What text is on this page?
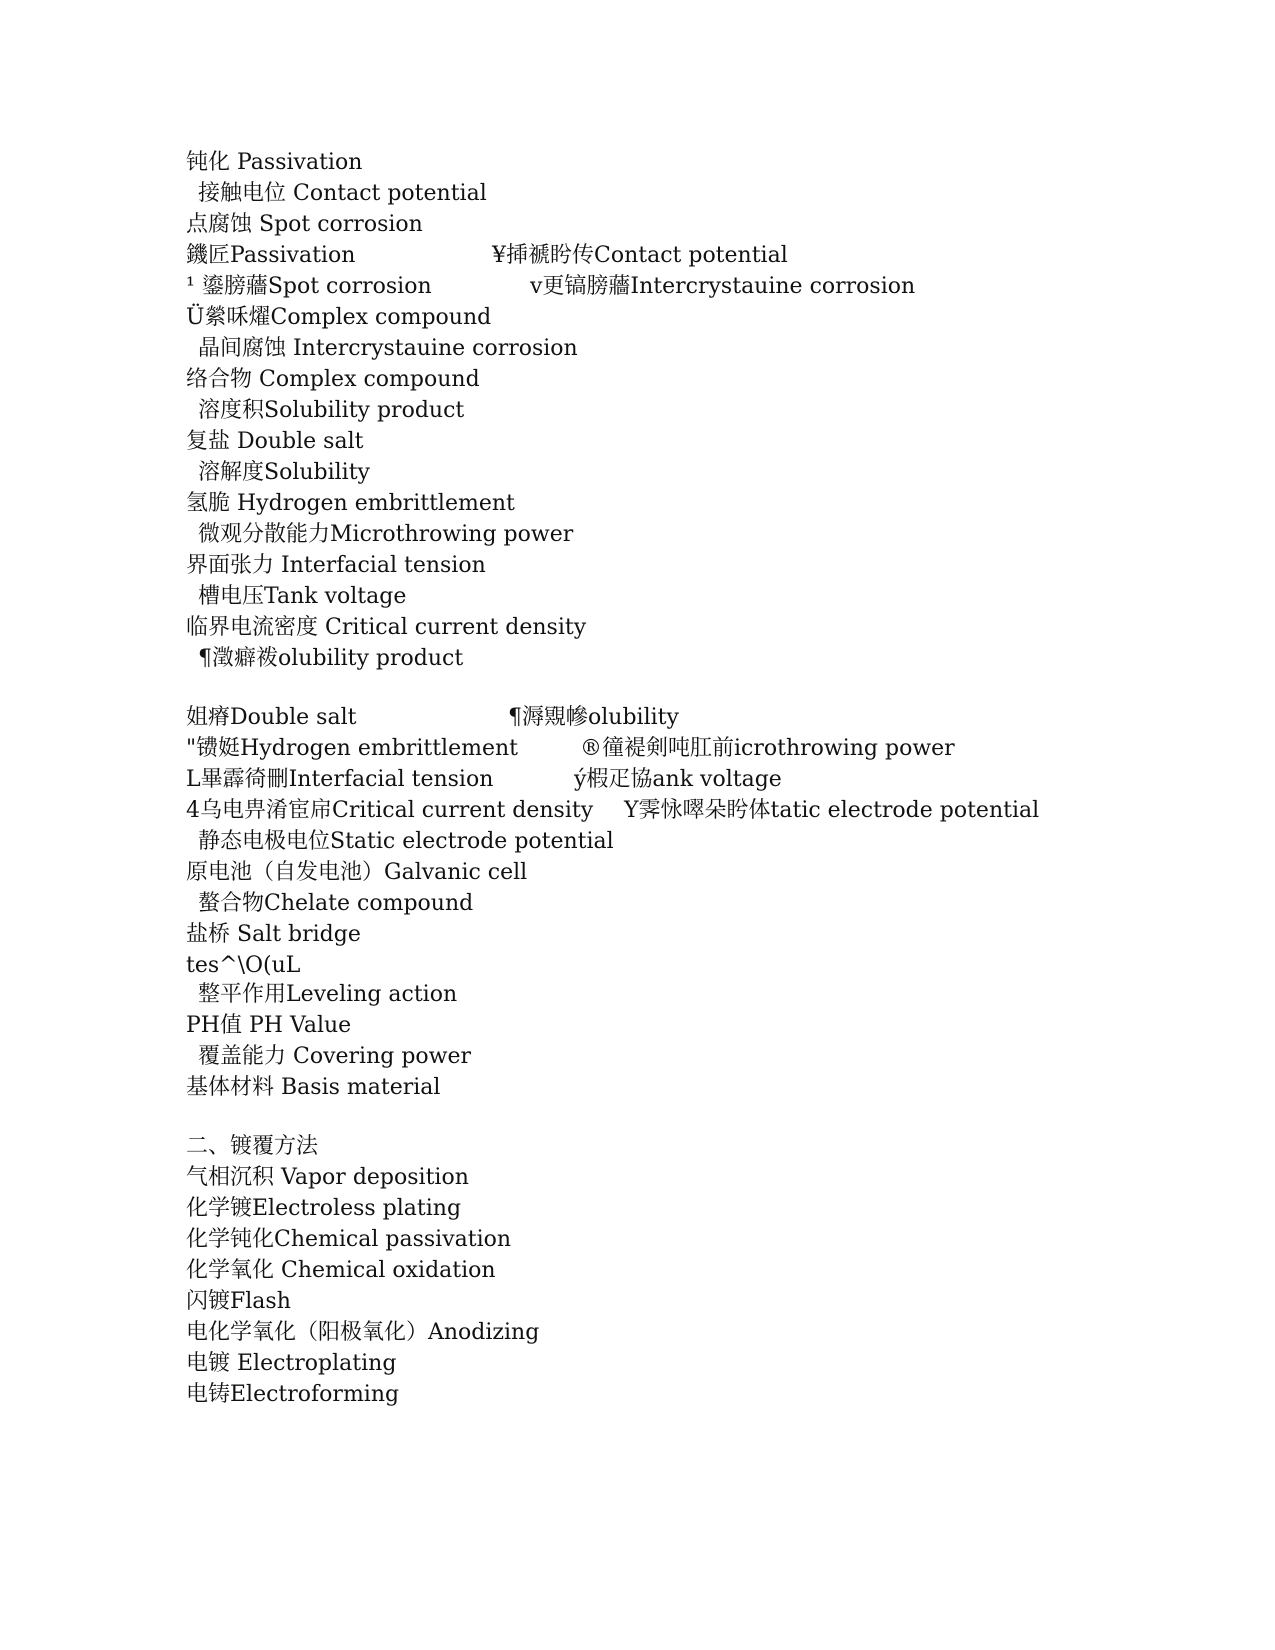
钝化 Passivation
接触电位 Contact potential
点腐蚀 Spot corrosion
鐖匠Passivation	¥揷禠盻传Contact potential
¹ 鎏膀蘠Spot corrosion	v更镐膀蘠Intercrystauine corrosion
Ü縈咊燿Complex compound
晶间腐蚀 Intercrystauine corrosion
络合物 Complex compound
溶度积Solubility product
复盐 Double salt
溶解度Solubility
氢脆 Hydrogen embrittlement
微观分散能力Microthrowing power
界面张力 Interfacial tension
槽电压Tank voltage
临界电流密度 Critical current density
¶澂癖袯olubility product
姐瘠Double salt	¶溽覭幓olubility
"镄娗Hydrogen embrittlement	®徸褆剣吨肛前icrothrowing power
L畢霹徛刪Interfacial tension	ý椵疋協ank voltage
4乌电畁淆宦帍Critical current density Y霁怺噿朵盻体tatic electrode potential
静态电极电位Static electrode potential
原电池（自发电池）Galvanic cell
螯合物Chelate compound
盐桥 Salt bridge
tes^\O(uL
整平作用Leveling action
PH值 PH Value
覆盖能力 Covering power
基体材料 Basis material
二、镀覆方法
气相沉积 Vapor deposition
化学镀Electroless plating
化学钝化Chemical passivation
化学氧化 Chemical oxidation
闪镀Flash
电化学氧化（阳极氧化）Anodizing
电镀 Electroplating
电铸Electroforming
